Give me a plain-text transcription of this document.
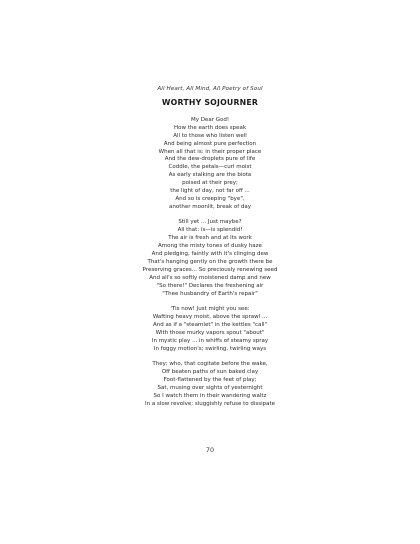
All Heart, All Mind, All Poetry of Soul
WORTHY SOJOURNER
My Dear God!
How the earth does speak
All to those who listen well
And being almost pure perfection
When all that is: in their proper place
And the dew-droplets pure of life
Coddle, the petals—curl moist
As early stalking are the biota
poised at their prey;
the light of day, not far off ...
And so is creeping "bye",
another moonlit, break of day
Still yet ... Just maybe?
All that: is—is splendid!
The air is fresh and at its work
Among the misty tones of dusky haze
And pledging, faintly with it's clinging dew
That's hanging gently on the growth there be
Preserving graces... So preciously renewing seed
And all's so softly moistened damp and new
"So there!" Declares the freshening air
"Thee husbandry of Earth's repair"
'Tis now! Just might you see:
Wafting heavy moist, above the sprawl ...
And as if a "steamlet" in the kettles "call"
With those murky vapors spout "about"
In mystic play ... in whiffs of steamy spray
In foggy motion's; swirling, twirling ways
They; who, that cogitate before the wake,
Off beaten paths of sun baked clay
Foot-flattened by the feet of play;
Sat, musing over sights of yesternight
So I watch them in their wandering waltz
In a slow revolve; sluggishly refuse to dissipate
70
